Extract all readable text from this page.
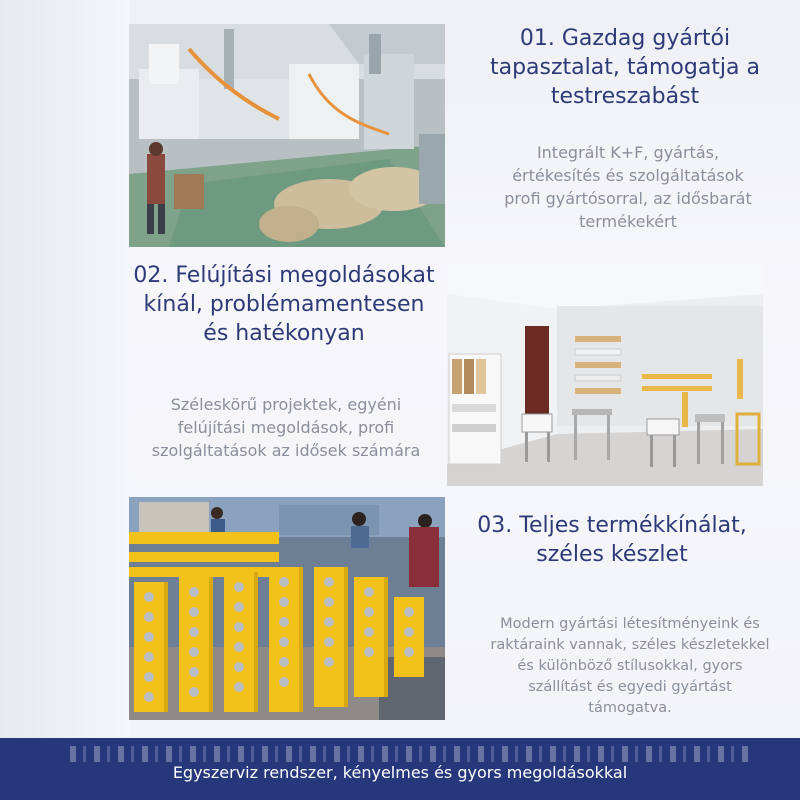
01. Gazdag gyártói
tapasztalat, támogatja a
testreszabást
Integrált K+F, gyártás,
értékesítés és szolgáltatások
profi gyártósorral, az idősbarát
termékekért
02. Felújítási megoldásokat
kínál, problémamentesen
és hatékonyan
Széleskörű projektek, egyéni
felújítási megoldások, profi
szolgáltatások az idősek számára
03. Teljes termékkínálat,
széles készlet
Modern gyártási létesítményeink és
raktáraink vannak, széles készletekkel
és különböző stílusokkal, gyors
szállítást és egyedi gyártást
támogatva.
Egyszerviz rendszer, kényelmes és gyors megoldásokkal
